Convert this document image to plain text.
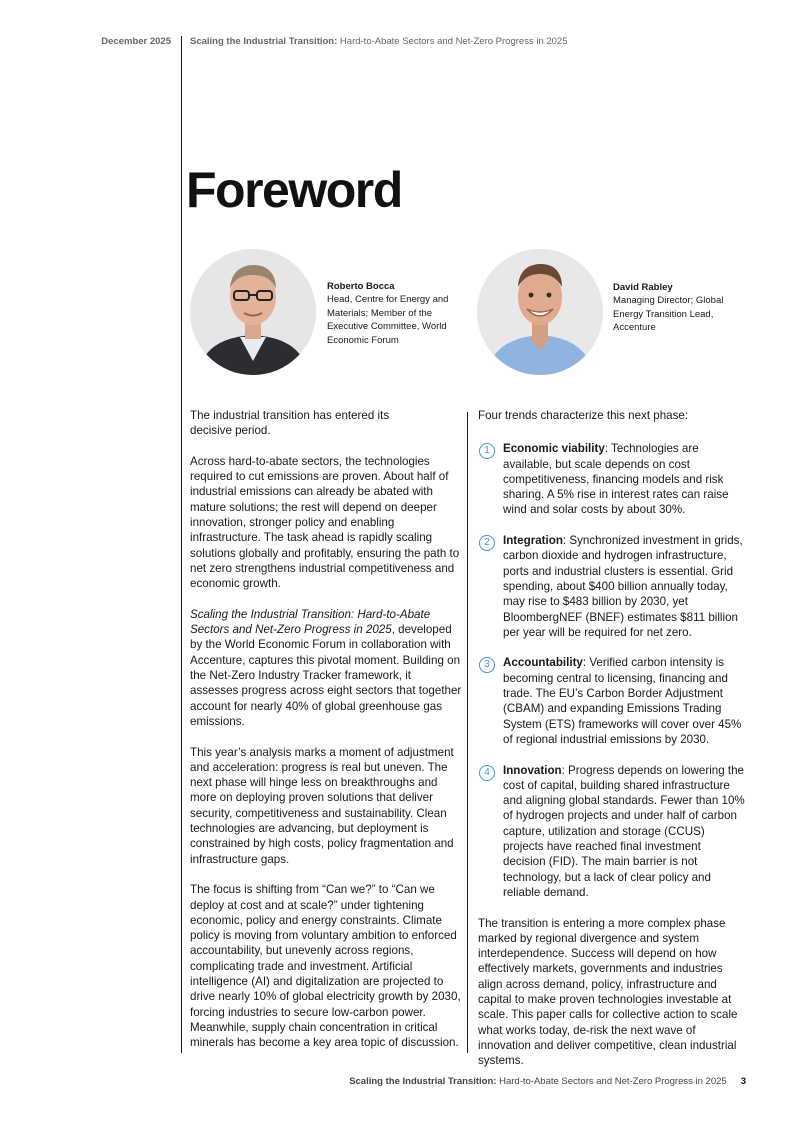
December 2025 Scaling the Industrial Transition: Hard-to-Abate Sectors and Net-Zero Progress in 2025
Foreword
Roberto Bocca
Head, Centre for Energy and Materials; Member of the Executive Committee, World Economic Forum
David Rabley
Managing Director; Global Energy Transition Lead, Accenture

The industrial transition has entered its decisive period.

Across hard-to-abate sectors, the technologies required to cut emissions are proven. About half of industrial emissions can already be abated with mature solutions; the rest will depend on deeper innovation, stronger policy and enabling infrastructure. The task ahead is rapidly scaling solutions globally and profitably, ensuring the path to net zero strengthens industrial competitiveness and economic growth.

Scaling the Industrial Transition: Hard-to-Abate Sectors and Net-Zero Progress in 2025, developed by the World Economic Forum in collaboration with Accenture, captures this pivotal moment. Building on the Net-Zero Industry Tracker framework, it assesses progress across eight sectors that together account for nearly 40% of global greenhouse gas emissions.

This year’s analysis marks a moment of adjustment and acceleration: progress is real but uneven. The next phase will hinge less on breakthroughs and more on deploying proven solutions that deliver security, competitiveness and sustainability. Clean technologies are advancing, but deployment is constrained by high costs, policy fragmentation and infrastructure gaps.

The focus is shifting from “Can we?” to “Can we deploy at cost and at scale?” under tightening economic, policy and energy constraints. Climate policy is moving from voluntary ambition to enforced accountability, but unevenly across regions, complicating trade and investment. Artificial intelligence (AI) and digitalization are projected to drive nearly 10% of global electricity growth by 2030, forcing industries to secure low-carbon power. Meanwhile, supply chain concentration in critical minerals has become a key area topic of discussion.

Four trends characterize this next phase:

1	Economic viability: Technologies are available, but scale depends on cost competitiveness, financing models and risk sharing. A 5% rise in interest rates can raise wind and solar costs by about 30%.
2	Integration: Synchronized investment in grids, carbon dioxide and hydrogen infrastructure, ports and industrial clusters is essential. Grid spending, about $400 billion annually today, may rise to $483 billion by 2030, yet BloombergNEF (BNEF) estimates $811 billion per year will be required for net zero.
3	Accountability: Verified carbon intensity is becoming central to licensing, financing and trade. The EU’s Carbon Border Adjustment (CBAM) and expanding Emissions Trading System (ETS) frameworks will cover over 45% of regional industrial emissions by 2030.
4	Innovation: Progress depends on lowering the cost of capital, building shared infrastructure and aligning global standards. Fewer than 10% of hydrogen projects and under half of carbon capture, utilization and storage (CCUS) projects have reached final investment decision (FID). The main barrier is not technology, but a lack of clear policy and reliable demand.

The transition is entering a more complex phase marked by regional divergence and system interdependence. Success will depend on how effectively markets, governments and industries align across demand, policy, infrastructure and capital to make proven technologies investable at scale. This paper calls for collective action to scale what works today, de-risk the next wave of innovation and deliver competitive, clean industrial systems.

Scaling the Industrial Transition: Hard-to-Abate Sectors and Net-Zero Progress in 2025 3
